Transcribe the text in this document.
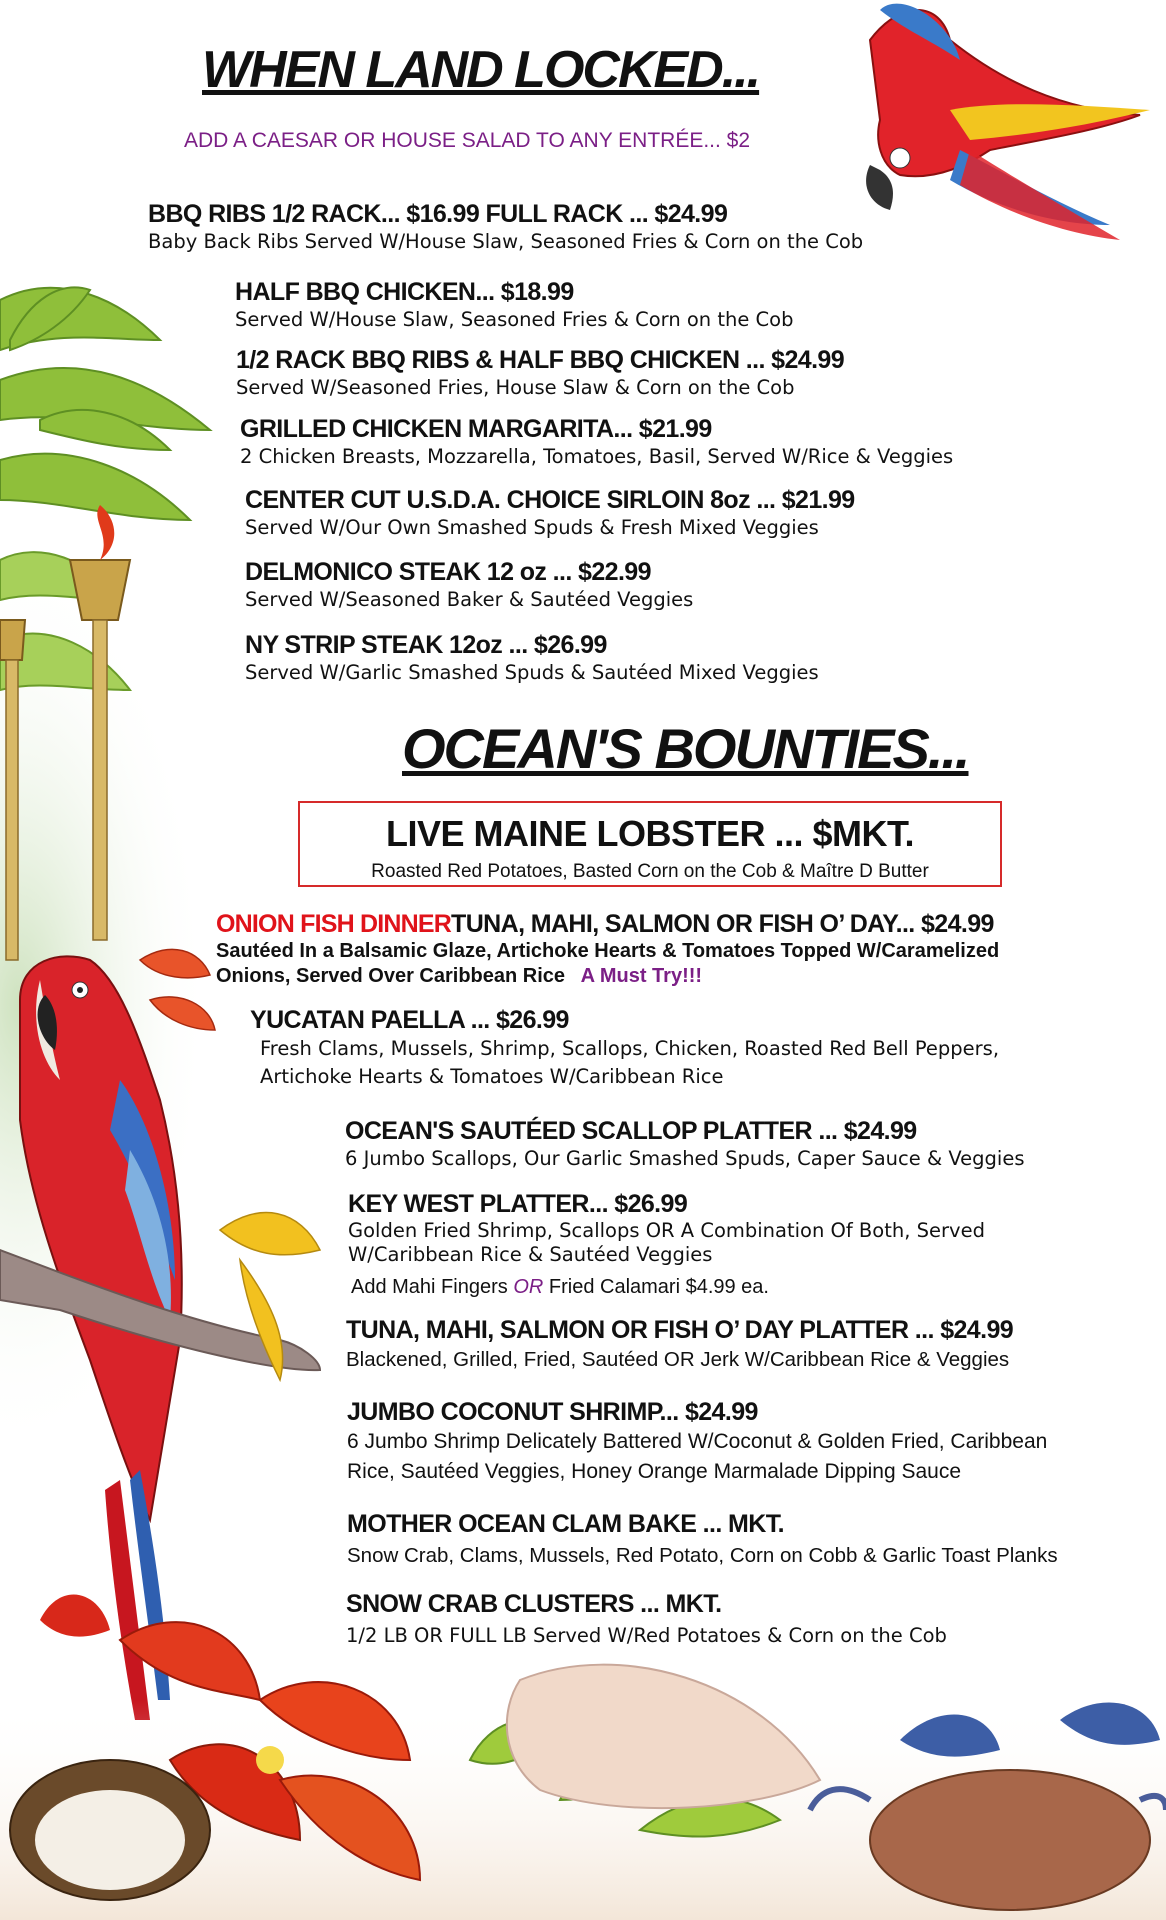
WHEN LAND LOCKED...
ADD A CAESAR OR HOUSE SALAD TO ANY ENTRÉE... $2
BBQ RIBS 1/2 RACK... $16.99 FULL RACK ... $24.99
Baby Back Ribs Served W/House Slaw, Seasoned Fries & Corn on the Cob
HALF BBQ CHICKEN... $18.99
Served W/House Slaw, Seasoned Fries & Corn on the Cob
1/2 RACK BBQ RIBS & HALF BBQ CHICKEN ... $24.99
Served W/Seasoned Fries, House Slaw & Corn on the Cob
GRILLED CHICKEN MARGARITA... $21.99
2 Chicken Breasts, Mozzarella, Tomatoes, Basil, Served W/Rice & Veggies
CENTER CUT U.S.D.A. CHOICE SIRLOIN 8oz ... $21.99
Served W/Our Own Smashed Spuds & Fresh Mixed Veggies
DELMONICO STEAK 12 oz ... $22.99
Served W/Seasoned Baker & Sautéed Veggies
NY STRIP STEAK 12oz ... $26.99
Served W/Garlic Smashed Spuds & Sautéed Mixed Veggies
OCEAN'S BOUNTIES...
LIVE MAINE LOBSTER ... $MKT.
Roasted Red Potatoes, Basted Corn on the Cob & Maître D Butter
ONION FISH DINNERTUNA, MAHI, SALMON OR FISH O’ DAY... $24.99
Sautéed In a Balsamic Glaze, Artichoke Hearts & Tomatoes Topped W/Caramelized
Onions, Served Over Caribbean Rice A Must Try!!!
YUCATAN PAELLA ... $26.99
Fresh Clams, Mussels, Shrimp, Scallops, Chicken, Roasted Red Bell Peppers,
Artichoke Hearts & Tomatoes W/Caribbean Rice
OCEAN'S SAUTÉED SCALLOP PLATTER ... $24.99
6 Jumbo Scallops, Our Garlic Smashed Spuds, Caper Sauce & Veggies
KEY WEST PLATTER... $26.99
Golden Fried Shrimp, Scallops OR A Combination Of Both, Served
W/Caribbean Rice & Sautéed Veggies
Add Mahi Fingers OR Fried Calamari $4.99 ea.
TUNA, MAHI, SALMON OR FISH O’ DAY PLATTER ... $24.99
Blackened, Grilled, Fried, Sautéed OR Jerk W/Caribbean Rice & Veggies
JUMBO COCONUT SHRIMP... $24.99
6 Jumbo Shrimp Delicately Battered W/Coconut & Golden Fried, Caribbean
Rice, Sautéed Veggies, Honey Orange Marmalade Dipping Sauce
MOTHER OCEAN CLAM BAKE ... MKT.
Snow Crab, Clams, Mussels, Red Potato, Corn on Cobb & Garlic Toast Planks
SNOW CRAB CLUSTERS ... MKT.
1/2 LB OR FULL LB Served W/Red Potatoes & Corn on the Cob
